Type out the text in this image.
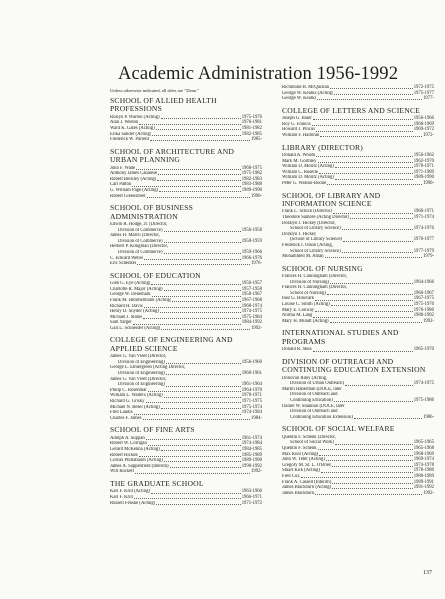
Academic Administration 1956-1992

Unless otherwise indicated, all titles are "Dean."

SCHOOL OF ALLIED HEALTH PROFESSIONS
Roslyn P. Warren (Acting)	1975-1976
Alan J. Weston	1976-1981
Ward K. Gates (Acting)	1981-1982
Erika Sander (Acting)	1982-1985
Frederick W. Parrent	1985-
SCHOOL OF ARCHITECTURE AND URBAN PLANNING
John F. Wade	1968-1975
Anthony James Catanese	1975-1982
Robert Beckley (Acting)	1982-1983
Carl Patton	1983-1988
G. William Page (Acting)	1989-1990
Robert Greenstreet	1990-
SCHOOL OF BUSINESS ADMINISTRATION
Edwin R. Hodge, Jr. (Director,
Division of Commerce)	1956-1958
James H. March (Director,
Division of Commerce)	1958-1959
Herbert P. Klingman (Director,
Division of Commerce)	1959-1966
C. Edward Weber	1966-1976
Eric Schenker	1976-
SCHOOL OF EDUCATION
Glen G. Eye (Acting)	1956-1957
Charlotte R. Major (Acting)	1957-1958
George W. Denemark	1958-1967
Frank M. Himmelmann (Acting)	1967-1968
Richard H. Davis	1968-1974
Henry D. Snyder (Acting)	1974-1975
Michael J. Stolee	1975-1984
Sam Yarger	1984-1992
Gail L. Schneider (Acting)	1992-
COLLEGE OF ENGINEERING AND APPLIED SCIENCE
James G. Van Vleet (Director,
Division of Engineering)	1956-1960
George L. Elmergreen (Acting Director,
Division of Engineering)	1960-1961
James G. Van Vleet (Director,
Division of Engineering)	1961-1964
Philip C. Rosenthal	1964-1970
William L. Walters (Acting)	1970-1971
Richard G. Grisky	1971-1975
Michael N. Besel (Acting)	1975-1974
Fred Landis	1974-1984
Charles F. James	1984-
SCHOOL OF FINE ARTS
Adolph A. Suppan	1961-1974
Robert W. Corrigan	1974-1984
Gerard McKenna (Acting)	1984-1985
Robert Hickok	1985-1989
Corliss Phillabaum (Acting)	1989-1990
James A. Sappenfield (Interim)	1990-1992
Will Rockett	1992-
THE GRADUATE SCHOOL
Karl F. Krill (Acting)	1963-1966
Karl F. Krill	1966-1971
Russell Fenske (Acting)	1971-1972
Richmond B. McQuistan	1972-1975
George W. Keulks (Acting)	1975-1977
George W. Keulks	1977-
COLLEGE OF LETTERS AND SCIENCE
Joseph G. Baier	1956-1966
Roy G. Francis	1966-1969
Howard J. Pincus	1969-1972
William F. Halloran	1972-
LIBRARY (DIRECTOR)
Donald A. Woods	1956-1962
Mark M. Gormley	1962-1970
William D. Moritz (Acting)	1970-1971
William C. Roselle	1971-1989
William D. Moritz (Acting)	1989-1990
Peter G. Watson-Boone	1990-
SCHOOL OF LIBRARY AND INFORMATION SCIENCE
Frank L. Schick (Director)	1966-1971
Theodore Samore (Acting Director)	1971-1974
Doralyn J. Hickey (Director,
School of Library Science)	1974-1976
Doralyn J. Hickey
(School of Library Science)	1976-1977
Frederick I. Olson (Acting,
School of Library Science)	1977-1979
Mohammed M. Aman	1979-
SCHOOL OF NURSING
Frances H. Cunningham (Director,
Division of Nursing)	1964-1966
Frances H. Cunningham (Director,
School of Nursing)	1966-1967
Inez G. Hinsvark	1967-1975
Louise C. Smith (Acting)	1975-1976
Mary E. Conway	1976-1980
Norma M. Lang	1980-1992
Mary H. Mundt (Acting)	1992-
INTERNATIONAL STUDIES AND PROGRAMS
Donald R. Shea	1965-1970
DIVISION OF OUTREACH AND CONTINUING EDUCATION EXTENSION
Donovan Riley (Acting,
Division of Urban Outreach)	1974-1975
Martin Haberman (DOCE, later
Division of Outreach and
Continuing Education)	1975-1986
Daniel W. Shannon (DOCE, later
Division of Outreach and
Continuing Education Extension)	1986-
SCHOOL OF SOCIAL WELFARE
Quentin F. Schenk (Director,
School of Social Work)	1965-1965
Quentin F. Schenk	1965-1968
Max Kurz (Acting)	1968-1969
John W. Teter (Acting)	1969-1974
Gregory M. St. L. O'Brien	1974-1978
Stuart Kirk (Acting)	1978-1980
Fred Cox	1980-1989
Frank A. Cassell (Interim)	1989-1991
James Blackburn (Acting)	1991-1992
James Blackburn	1992-

137
